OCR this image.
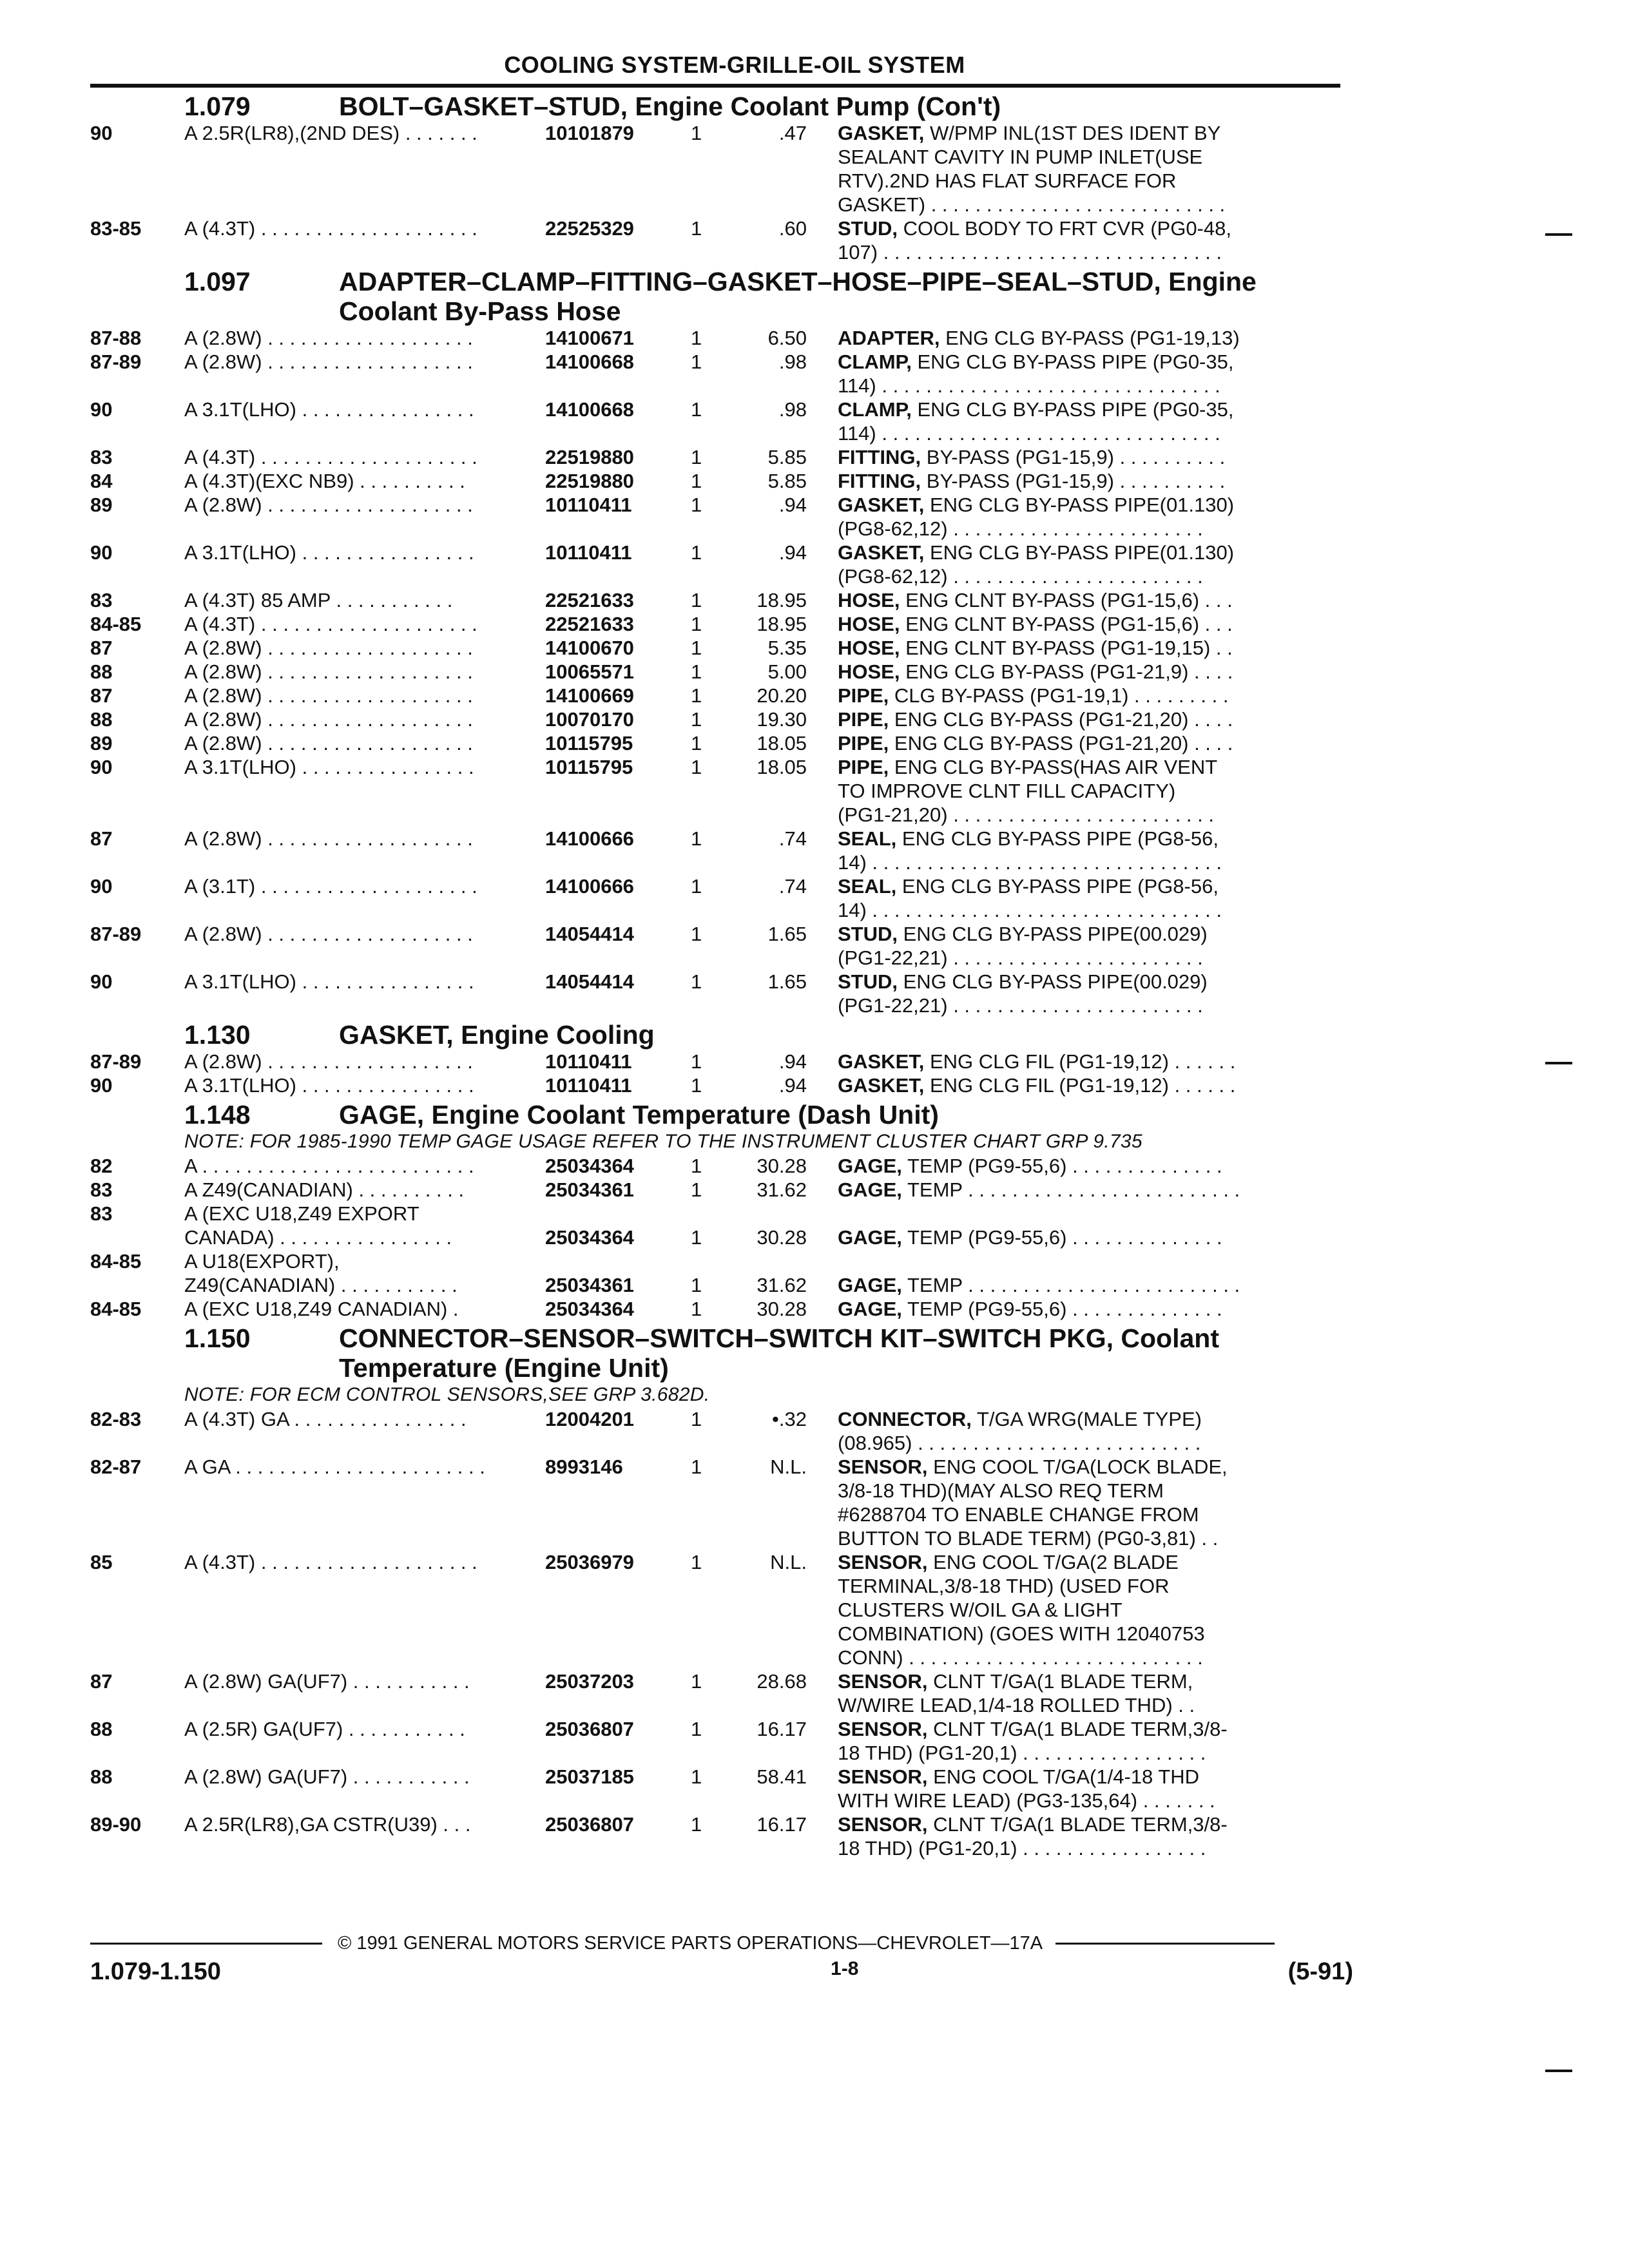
COOLING SYSTEM-GRILLE-OIL SYSTEM
1.079	BOLT–GASKET–STUD, Engine Coolant Pump (Con't)
90	A 2.5R(LR8),(2ND DES) . . . . . . .	10101879	1	.47 GASKET, W/PMP INL(1ST DES IDENT BY
SEALANT CAVITY IN PUMP INLET(USE
RTV).2ND HAS FLAT SURFACE FOR
GASKET) . . . . . . . . . . . . . . . . . . . . . . . . . . .
83-85	A (4.3T) . . . . . . . . . . . . . . . . . . . .	22525329	1	.60 STUD, COOL BODY TO FRT CVR (PG0-48,
107) . . . . . . . . . . . . . . . . . . . . . . . . . . . . . . .
1.097	ADAPTER–CLAMP–FITTING–GASKET–HOSE–PIPE–SEAL–STUD, Engine
Coolant By-Pass Hose
87-88	A (2.8W) . . . . . . . . . . . . . . . . . . .	14100671	1	6.50 ADAPTER, ENG CLG BY-PASS (PG1-19,13)
87-89	A (2.8W) . . . . . . . . . . . . . . . . . . .	14100668	1	.98 CLAMP, ENG CLG BY-PASS PIPE (PG0-35,
114) . . . . . . . . . . . . . . . . . . . . . . . . . . . . . . .
90	A 3.1T(LHO) . . . . . . . . . . . . . . . .	14100668	1	.98 CLAMP, ENG CLG BY-PASS PIPE (PG0-35,
114) . . . . . . . . . . . . . . . . . . . . . . . . . . . . . . .
83	A (4.3T) . . . . . . . . . . . . . . . . . . . .	22519880	1	5.85 FITTING, BY-PASS (PG1-15,9) . . . . . . . . . .
84	A (4.3T)(EXC NB9) . . . . . . . . . .	22519880	1	5.85 FITTING, BY-PASS (PG1-15,9) . . . . . . . . . .
89	A (2.8W) . . . . . . . . . . . . . . . . . . .	10110411	1	.94 GASKET, ENG CLG BY-PASS PIPE(01.130)
(PG8-62,12) . . . . . . . . . . . . . . . . . . . . . . .
90	A 3.1T(LHO) . . . . . . . . . . . . . . . .	10110411	1	.94 GASKET, ENG CLG BY-PASS PIPE(01.130)
(PG8-62,12) . . . . . . . . . . . . . . . . . . . . . . .
83	A (4.3T) 85 AMP . . . . . . . . . . .	22521633	1	18.95 HOSE, ENG CLNT BY-PASS (PG1-15,6) . . .
84-85	A (4.3T) . . . . . . . . . . . . . . . . . . . .	22521633	1	18.95 HOSE, ENG CLNT BY-PASS (PG1-15,6) . . .
87	A (2.8W) . . . . . . . . . . . . . . . . . . .	14100670	1	5.35 HOSE, ENG CLNT BY-PASS (PG1-19,15) . .
88	A (2.8W) . . . . . . . . . . . . . . . . . . .	10065571	1	5.00 HOSE, ENG CLG BY-PASS (PG1-21,9) . . . .
87	A (2.8W) . . . . . . . . . . . . . . . . . . .	14100669	1	20.20 PIPE, CLG BY-PASS (PG1-19,1) . . . . . . . . .
88	A (2.8W) . . . . . . . . . . . . . . . . . . .	10070170	1	19.30 PIPE, ENG CLG BY-PASS (PG1-21,20) . . . .
89	A (2.8W) . . . . . . . . . . . . . . . . . . .	10115795	1	18.05 PIPE, ENG CLG BY-PASS (PG1-21,20) . . . .
90	A 3.1T(LHO) . . . . . . . . . . . . . . . .	10115795	1	18.05 PIPE, ENG CLG BY-PASS(HAS AIR VENT
TO IMPROVE CLNT FILL CAPACITY)
(PG1-21,20) . . . . . . . . . . . . . . . . . . . . . . . .
87	A (2.8W) . . . . . . . . . . . . . . . . . . .	14100666	1	.74 SEAL, ENG CLG BY-PASS PIPE (PG8-56,
14) . . . . . . . . . . . . . . . . . . . . . . . . . . . . . . . .
90	A (3.1T) . . . . . . . . . . . . . . . . . . . .	14100666	1	.74 SEAL, ENG CLG BY-PASS PIPE (PG8-56,
14) . . . . . . . . . . . . . . . . . . . . . . . . . . . . . . . .
87-89	A (2.8W) . . . . . . . . . . . . . . . . . . .	14054414	1	1.65 STUD, ENG CLG BY-PASS PIPE(00.029)
(PG1-22,21) . . . . . . . . . . . . . . . . . . . . . . .
90	A 3.1T(LHO) . . . . . . . . . . . . . . . .	14054414	1	1.65 STUD, ENG CLG BY-PASS PIPE(00.029)
(PG1-22,21) . . . . . . . . . . . . . . . . . . . . . . .
1.130	GASKET, Engine Cooling
87-89	A (2.8W) . . . . . . . . . . . . . . . . . . .	10110411	1	.94 GASKET, ENG CLG FIL (PG1-19,12) . . . . . .
90	A 3.1T(LHO) . . . . . . . . . . . . . . . .	10110411	1	.94 GASKET, ENG CLG FIL (PG1-19,12) . . . . . .
1.148	GAGE, Engine Coolant Temperature (Dash Unit)
NOTE: FOR 1985-1990 TEMP GAGE USAGE REFER TO THE INSTRUMENT CLUSTER CHART GRP 9.735
82	A . . . . . . . . . . . . . . . . . . . . . . . . .	25034364	1	30.28 GAGE, TEMP (PG9-55,6) . . . . . . . . . . . . . .
83	A Z49(CANADIAN) . . . . . . . . . .	25034361	1	31.62 GAGE, TEMP . . . . . . . . . . . . . . . . . . . . . . . . .
83	A (EXC U18,Z49 EXPORT
CANADA) . . . . . . . . . . . . . . . .	25034364	1	30.28 GAGE, TEMP (PG9-55,6) . . . . . . . . . . . . . .
84-85	A U18(EXPORT),
Z49(CANADIAN) . . . . . . . . . . .	25034361	1	31.62 GAGE, TEMP . . . . . . . . . . . . . . . . . . . . . . . . .
84-85	A (EXC U18,Z49 CANADIAN) .	25034364	1	30.28 GAGE, TEMP (PG9-55,6) . . . . . . . . . . . . . .
1.150	CONNECTOR–SENSOR–SWITCH–SWITCH KIT–SWITCH PKG, Coolant
Temperature (Engine Unit)
NOTE: FOR ECM CONTROL SENSORS,SEE GRP 3.682D.
82-83	A (4.3T) GA . . . . . . . . . . . . . . . .	12004201	1	•.32 CONNECTOR, T/GA WRG(MALE TYPE)
(08.965) . . . . . . . . . . . . . . . . . . . . . . . . . .
82-87	A GA . . . . . . . . . . . . . . . . . . . . . . .	8993146	1	N.L. SENSOR, ENG COOL T/GA(LOCK BLADE,
3/8-18 THD)(MAY ALSO REQ TERM
#6288704 TO ENABLE CHANGE FROM
BUTTON TO BLADE TERM) (PG0-3,81) . .
85	A (4.3T) . . . . . . . . . . . . . . . . . . . .	25036979	1	N.L. SENSOR, ENG COOL T/GA(2 BLADE
TERMINAL,3/8-18 THD) (USED FOR
CLUSTERS W/OIL GA & LIGHT
COMBINATION) (GOES WITH 12040753
CONN) . . . . . . . . . . . . . . . . . . . . . . . . . . .
87	A (2.8W) GA(UF7) . . . . . . . . . . .	25037203	1	28.68 SENSOR, CLNT T/GA(1 BLADE TERM,
W/WIRE LEAD,1/4-18 ROLLED THD) . .
88	A (2.5R) GA(UF7) . . . . . . . . . . .	25036807	1	16.17 SENSOR, CLNT T/GA(1 BLADE TERM,3/8-
18 THD) (PG1-20,1) . . . . . . . . . . . . . . . . .
88	A (2.8W) GA(UF7) . . . . . . . . . . .	25037185	1	58.41 SENSOR, ENG COOL T/GA(1/4-18 THD
WITH WIRE LEAD) (PG3-135,64) . . . . . . .
89-90	A 2.5R(LR8),GA CSTR(U39) . . .	25036807	1	16.17 SENSOR, CLNT T/GA(1 BLADE TERM,3/8-
18 THD) (PG1-20,1) . . . . . . . . . . . . . . . . .
© 1991 GENERAL MOTORS SERVICE PARTS OPERATIONS—CHEVROLET—17A
1.079-1.150	1-8	(5-91)
